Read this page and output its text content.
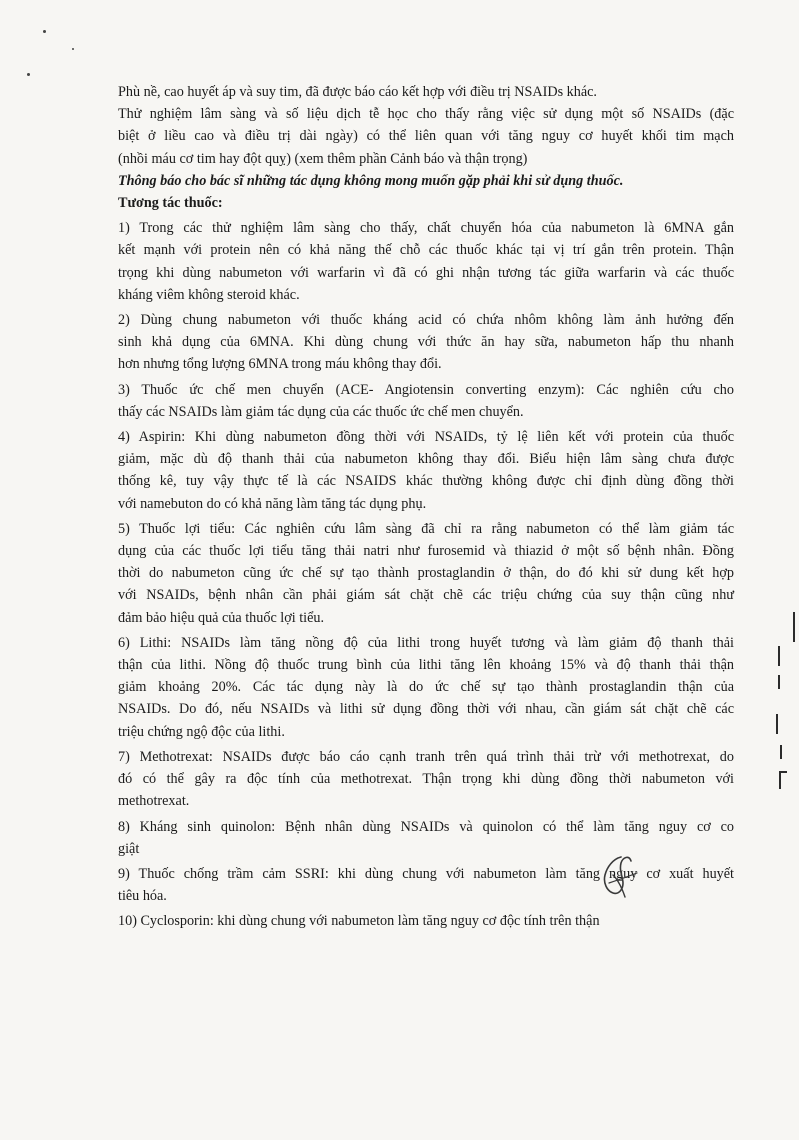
Phù nề, cao huyết áp và suy tim, đã được báo cáo kết hợp với điều trị NSAIDs khác.
Thử nghiệm lâm sàng và số liệu dịch tễ học cho thấy rằng việc sử dụng một số NSAIDs (đặc
biệt ở liều cao và điều trị dài ngày) có thể liên quan với tăng nguy cơ huyết khối tim mạch
(nhồi máu cơ tim hay đột quỵ) (xem thêm phần Cảnh báo và thận trọng)
Thông báo cho bác sĩ những tác dụng không mong muốn gặp phải khi sử dụng thuốc.
Tương tác thuốc:
1) Trong các thử nghiệm lâm sàng cho thấy, chất chuyển hóa của nabumeton là 6MNA gắn
kết mạnh với protein nên có khả năng thế chỗ các thuốc khác tại vị trí gắn trên protein. Thận
trọng khi dùng nabumeton với warfarin vì đã có ghi nhận tương tác giữa warfarin và các thuốc
kháng viêm không steroid khác.
2) Dùng chung nabumeton với thuốc kháng acid có chứa nhôm không làm ảnh hưởng đến
sinh khả dụng của 6MNA. Khi dùng chung với thức ăn hay sữa, nabumeton hấp thu nhanh
hơn nhưng tổng lượng 6MNA trong máu không thay đổi.
3) Thuốc ức chế men chuyển (ACE- Angiotensin converting enzym): Các nghiên cứu cho
thấy các NSAIDs làm giảm tác dụng của các thuốc ức chế men chuyển.
4) Aspirin: Khi dùng nabumeton đồng thời với NSAIDs, tỷ lệ liên kết với protein của thuốc
giảm, mặc dù độ thanh thải của nabumeton không thay đổi. Biểu hiện lâm sàng chưa được
thống kê, tuy vậy thực tế là các NSAIDS khác thường không được chỉ định dùng đồng thời
với namebuton do có khả năng làm tăng tác dụng phụ.
5) Thuốc lợi tiểu: Các nghiên cứu lâm sàng đã chỉ ra rằng nabumeton có thể làm giảm tác
dụng của các thuốc lợi tiểu tăng thải natri như furosemid và thiazid ở một số bệnh nhân. Đồng
thời do nabumeton cũng ức chế sự tạo thành prostaglandin ở thận, do đó khi sử dung kết hợp
với NSAIDs, bệnh nhân cần phải giám sát chặt chẽ các triệu chứng của suy thận cũng như
đảm bảo hiệu quả của thuốc lợi tiểu.
6) Lithi: NSAIDs làm tăng nồng độ của lithi trong huyết tương và làm giảm độ thanh thải
thận của lithi. Nồng độ thuốc trung bình của lithi tăng lên khoảng 15% và độ thanh thải thận
giảm khoảng 20%. Các tác dụng này là do ức chế sự tạo thành prostaglandin thận của
NSAIDs. Do đó, nếu NSAIDs và lithi sử dụng đồng thời với nhau, cần giám sát chặt chẽ các
triệu chứng ngộ độc của lithi.
7) Methotrexat: NSAIDs được báo cáo cạnh tranh trên quá trình thải trừ với methotrexat, do
đó có thể gây ra độc tính của methotrexat. Thận trọng khi dùng đồng thời nabumeton với
methotrexat.
8) Kháng sinh quinolon: Bệnh nhân dùng NSAIDs và quinolon có thể làm tăng nguy cơ co
giật
9) Thuốc chống trầm cảm SSRI: khi dùng chung với nabumeton làm tăng nguy cơ xuất huyết
tiêu hóa.
10) Cyclosporin: khi dùng chung với nabumeton làm tăng nguy cơ độc tính trên thận
